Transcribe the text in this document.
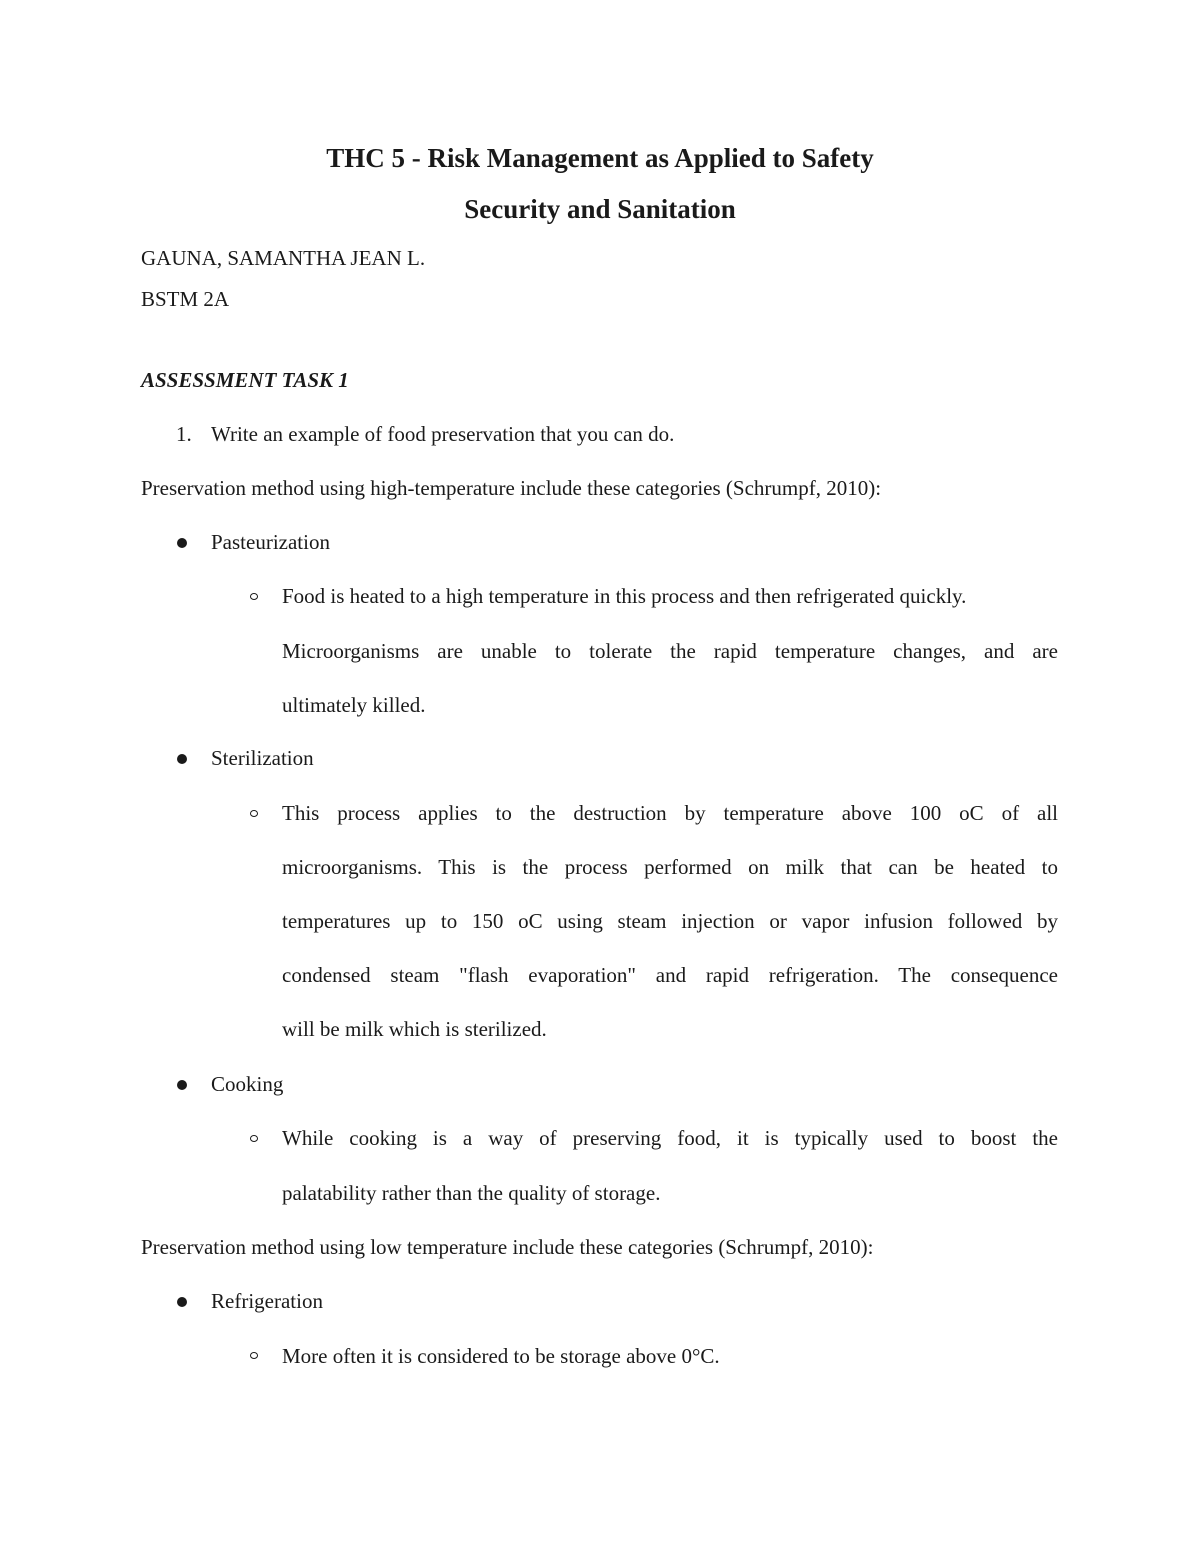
THC 5 - Risk Management as Applied to Safety
Security and Sanitation
GAUNA, SAMANTHA JEAN L.
BSTM 2A
ASSESSMENT TASK 1
1. Write an example of food preservation that you can do.
Preservation method using high-temperature include these categories (Schrumpf, 2010):
Pasteurization
Food is heated to a high temperature in this process and then refrigerated quickly.
Microorganisms are unable to tolerate the rapid temperature changes, and are
ultimately killed.
Sterilization
This process applies to the destruction by temperature above 100 oC of all
microorganisms. This is the process performed on milk that can be heated to
temperatures up to 150 oC using steam injection or vapor infusion followed by
condensed steam "flash evaporation" and rapid refrigeration. The consequence
will be milk which is sterilized.
Cooking
While cooking is a way of preserving food, it is typically used to boost the
palatability rather than the quality of storage.
Preservation method using low temperature include these categories (Schrumpf, 2010):
Refrigeration
More often it is considered to be storage above 0°C.
